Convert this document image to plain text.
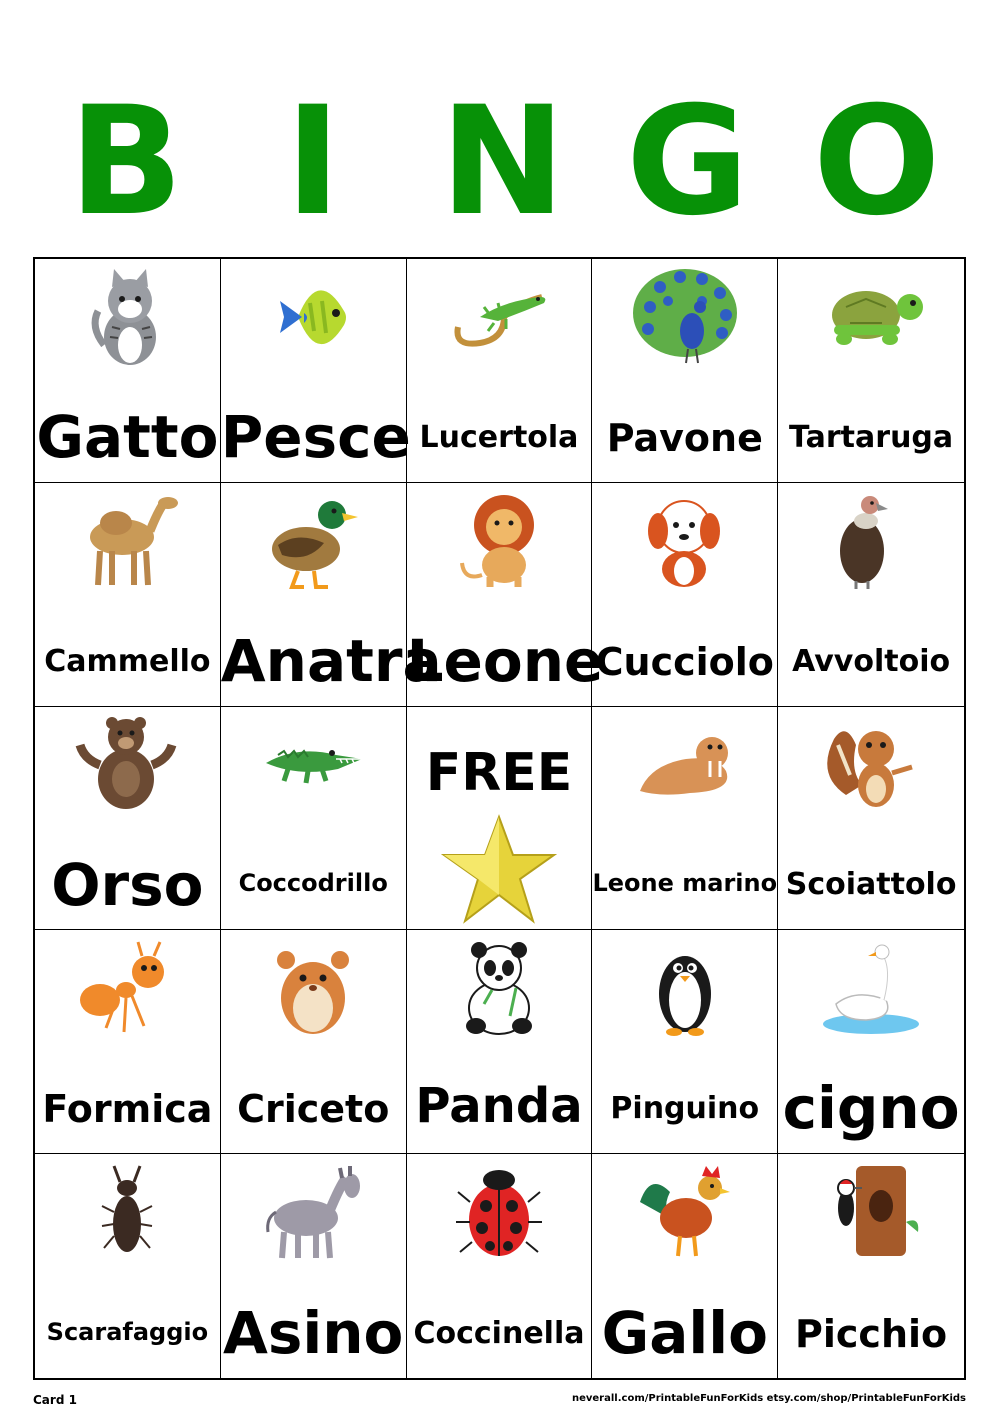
B I N G O
Gatto Pesce Lucertola Pavone Tartaruga
Cammello Anatra
Leone
Cucciolo Avvoltoio
Orso	Coccodrillo
FREE
Leone marino Scoiattolo
Formica Criceto Panda Pinguino cigno
Scarafaggio Asino Coccinella Gallo Picchio
Card 1	neverall.com/PrintableFunForKids etsy.com/shop/PrintableFunForKids
